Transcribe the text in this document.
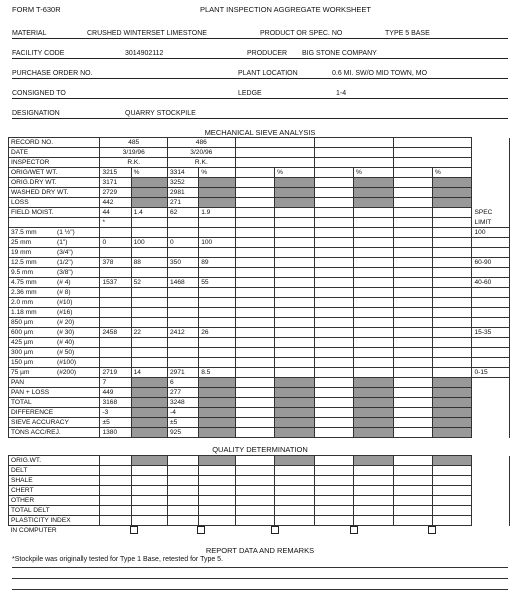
FORM T-630R	PLANT INSPECTION AGGREGATE WORKSHEET
MATERIAL	CRUSHED WINTERSET LIMESTONE	PRODUCT OR SPEC. NO	TYPE 5 BASE
FACILITY CODE	3014902112	PRODUCER BIG STONE COMPANY
PURCHASE ORDER NO.	PLANT LOCATION	0.6 MI. SW/O MID TOWN, MO
CONSIGNED TO	LEDGE	1-4
DESIGNATION	QUARRY STOCKPILE
MECHANICAL SIEVE ANALYSIS
RECORD NO.	485		486								
DATE	3/19/96		3/20/96								
INSPECTOR	R.K.		R.K.								
ORIG/WET WT.	3215	%	3314	%		%		%		%	
ORIG.DRY WT.	3171		3252								
WASHED DRY WT.	2729		2981								
LOSS	442		271								
FIELD MOIST.	44	1.4	62	1.9							SPEC
	*										LIMIT
37.5 mm (1 ½")											100
25 mm (1")	0	100	0	100							
19 mm (3/4")											
12.5 mm (1/2")	378	88	350	89							60-90
9.5 mm (3/8")											
4.75 mm (# 4)	1537	52	1468	55							40-60
2.36 mm (# 8)											
2.0 mm (#10)											
1.18 mm (#16)											
850 µm (# 20)											
600 µm (# 30)	2458	22	2412	26							15-35
425 µm (# 40)											
300 µm (# 50)											
150 µm (#100)											
75 µm (#200)	2719	14	2971	8.5							0-15
PAN	7		6								
PAN + LOSS	449		277								
TOTAL	3168		3248								
DIFFERENCE	-3		-4								
SIEVE ACCURACY	±5		±5								
TONS ACC/REJ.	1380		925								
QUALITY DETERMINATION
ORIG.WT.											
DELT											
SHALE											
CHERT											
OTHER											
TOTAL DELT											
PLASTICITY INDEX											
IN COMPUTER											
REPORT DATA AND REMARKS
*Stockpile was originally tested for Type 1 Base, retested for Type 5.
